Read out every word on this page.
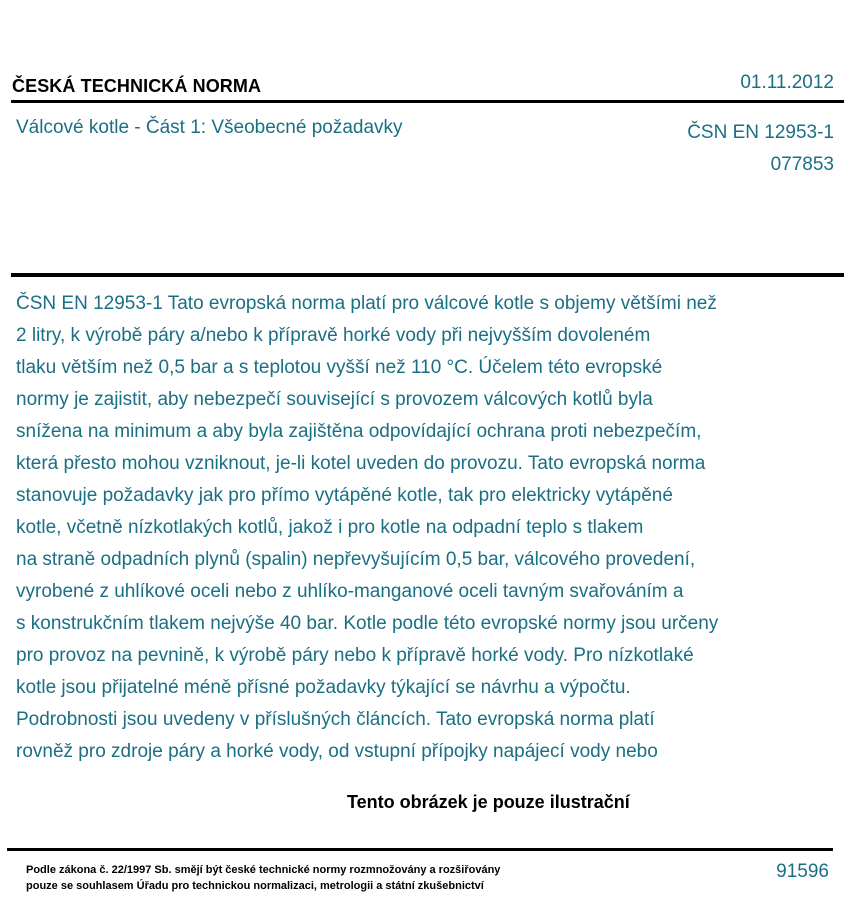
ČESKÁ TECHNICKÁ NORMA	01.11.2012
Válcové kotle - Část 1: Všeobecné požadavky	ČSN EN 12953-1
077853
ČSN EN 12953-1 Tato evropská norma platí pro válcové kotle s objemy většími než
2 litry, k výrobě páry a/nebo k přípravě horké vody při nejvyšším dovoleném
tlaku větším než 0,5 bar a s teplotou vyšší než 110 °C. Účelem této evropské
normy je zajistit, aby nebezpečí související s provozem válcových kotlů byla
snížena na minimum a aby byla zajištěna odpovídající ochrana proti nebezpečím,
která přesto mohou vzniknout, je-li kotel uveden do provozu. Tato evropská norma
stanovuje požadavky jak pro přímo vytápěné kotle, tak pro elektricky vytápěné
kotle, včetně nízkotlakých kotlů, jakož i pro kotle na odpadní teplo s tlakem
na straně odpadních plynů (spalin) nepřevyšujícím 0,5 bar, válcového provedení,
vyrobené z uhlíkové oceli nebo z uhlíko-manganové oceli tavným svařováním a
s konstrukčním tlakem nejvýše 40 bar. Kotle podle této evropské normy jsou určeny
pro provoz na pevnině, k výrobě páry nebo k přípravě horké vody. Pro nízkotlaké
kotle jsou přijatelné méně přísné požadavky týkající se návrhu a výpočtu.
Podrobnosti jsou uvedeny v příslušných článcích. Tato evropská norma platí
rovněž pro zdroje páry a horké vody, od vstupní přípojky napájecí vody nebo
Tento obrázek je pouze ilustrační
Podle zákona č. 22/1997 Sb. smějí být české technické normy rozmnožovány a rozšiřovány
pouze se souhlasem Úřadu pro technickou normalizaci, metrologii a státní zkušebnictví
91596
